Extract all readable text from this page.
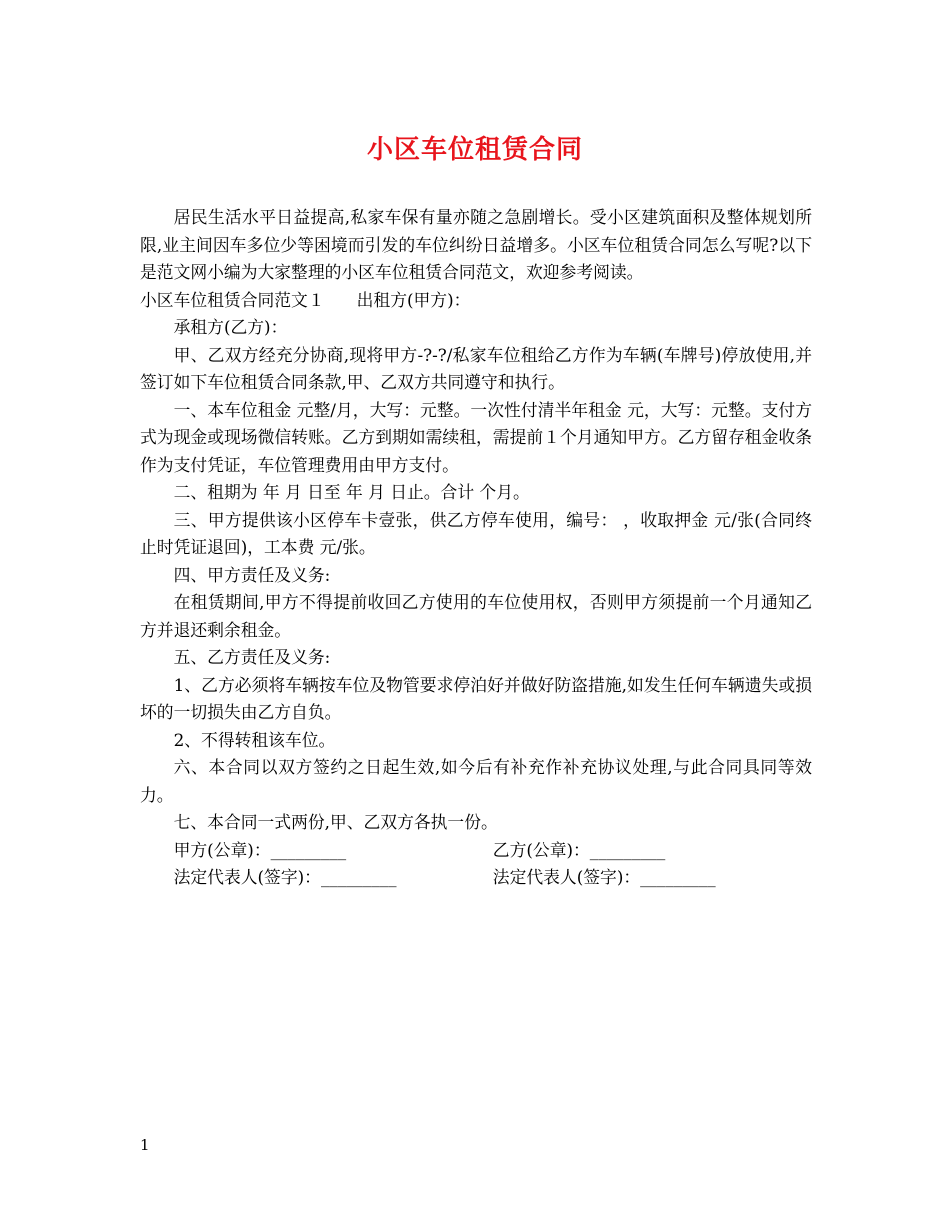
小区车位租赁合同

居民生活水平日益提高,私家车保有量亦随之急剧增长。受小区建筑面积及整体规划所限,业主间因车多位少等困境而引发的车位纠纷日益增多。小区车位租赁合同怎么写呢?以下是范文网小编为大家整理的小区车位租赁合同范文，欢迎参考阅读。

小区车位租赁合同范文１ 出租方(甲方)：

承租方(乙方)：

甲、乙双方经充分协商,现将甲方-?-?/私家车位租给乙方作为车辆(车牌号)停放使用,并签订如下车位租赁合同条款,甲、乙双方共同遵守和执行。

一、本车位租金 元整/月，大写：元整。一次性付清半年租金 元，大写：元整。支付方式为现金或现场微信转账。乙方到期如需续租，需提前１个月通知甲方。乙方留存租金收条作为支付凭证，车位管理费用由甲方支付。

二、租期为 年 月 日至 年 月 日止。合计 个月。

三、甲方提供该小区停车卡壹张，供乙方停车使用，编号： ，收取押金 元/张(合同终止时凭证退回)，工本费 元/张。

四、甲方责任及义务:

在租赁期间,甲方不得提前收回乙方使用的车位使用权，否则甲方须提前一个月通知乙方并退还剩余租金。

五、乙方责任及义务:

1、乙方必须将车辆按车位及物管要求停泊好并做好防盗措施,如发生任何车辆遗失或损坏的一切损失由乙方自负。

2、不得转租该车位。

六、本合同以双方签约之日起生效,如今后有补充作补充协议处理,与此合同具同等效力。

七、本合同一式两份,甲、乙双方各执一份。

甲方(公章)：_________	乙方(公章)：_________
法定代表人(签字)：_________	法定代表人(签字)：_________
1
